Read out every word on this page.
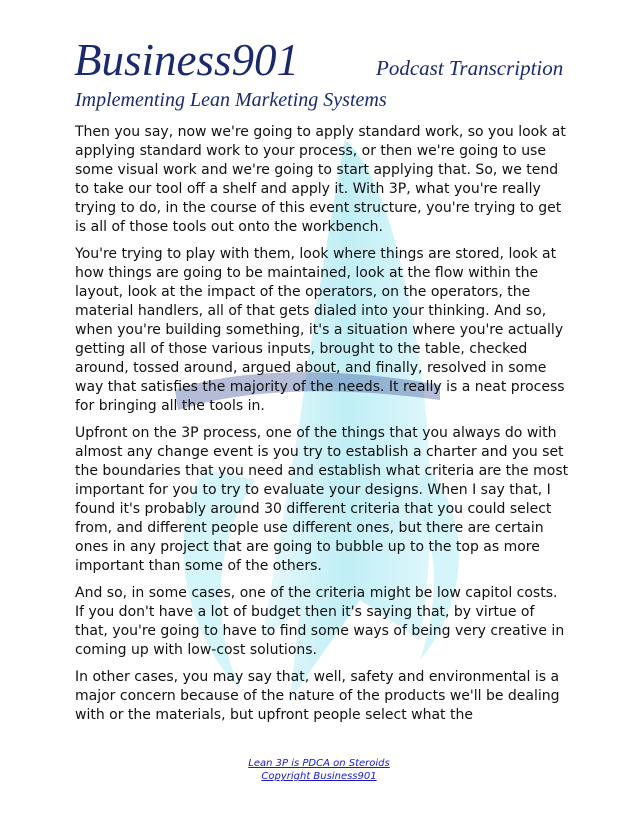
Business901	Podcast Transcription
Implementing Lean Marketing Systems

Then you say, now we're going to apply standard work, so you look at applying standard work to your process, or then we're going to use some visual work and we're going to start applying that. So, we tend to take our tool off a shelf and apply it. With 3P, what you're really trying to do, in the course of this event structure, you're trying to get is all of those tools out onto the workbench.

You're trying to play with them, look where things are stored, look at how things are going to be maintained, look at the flow within the layout, look at the impact of the operators, on the operators, the material handlers, all of that gets dialed into your thinking. And so, when you're building something, it's a situation where you're actually getting all of those various inputs, brought to the table, checked around, tossed around, argued about, and finally, resolved in some way that satisfies the majority of the needs. It really is a neat process for bringing all the tools in.

Upfront on the 3P process, one of the things that you always do with almost any change event is you try to establish a charter and you set the boundaries that you need and establish what criteria are the most important for you to try to evaluate your designs. When I say that, I found it's probably around 30 different criteria that you could select from, and different people use different ones, but there are certain ones in any project that are going to bubble up to the top as more important than some of the others.

And so, in some cases, one of the criteria might be low capitol costs. If you don't have a lot of budget then it's saying that, by virtue of that, you're going to have to find some ways of being very creative in coming up with low-cost solutions.

In other cases, you may say that, well, safety and environmental is a major concern because of the nature of the products we'll be dealing with or the materials, but upfront people select what the

Lean 3P is PDCA on Steroids
Copyright Business901
